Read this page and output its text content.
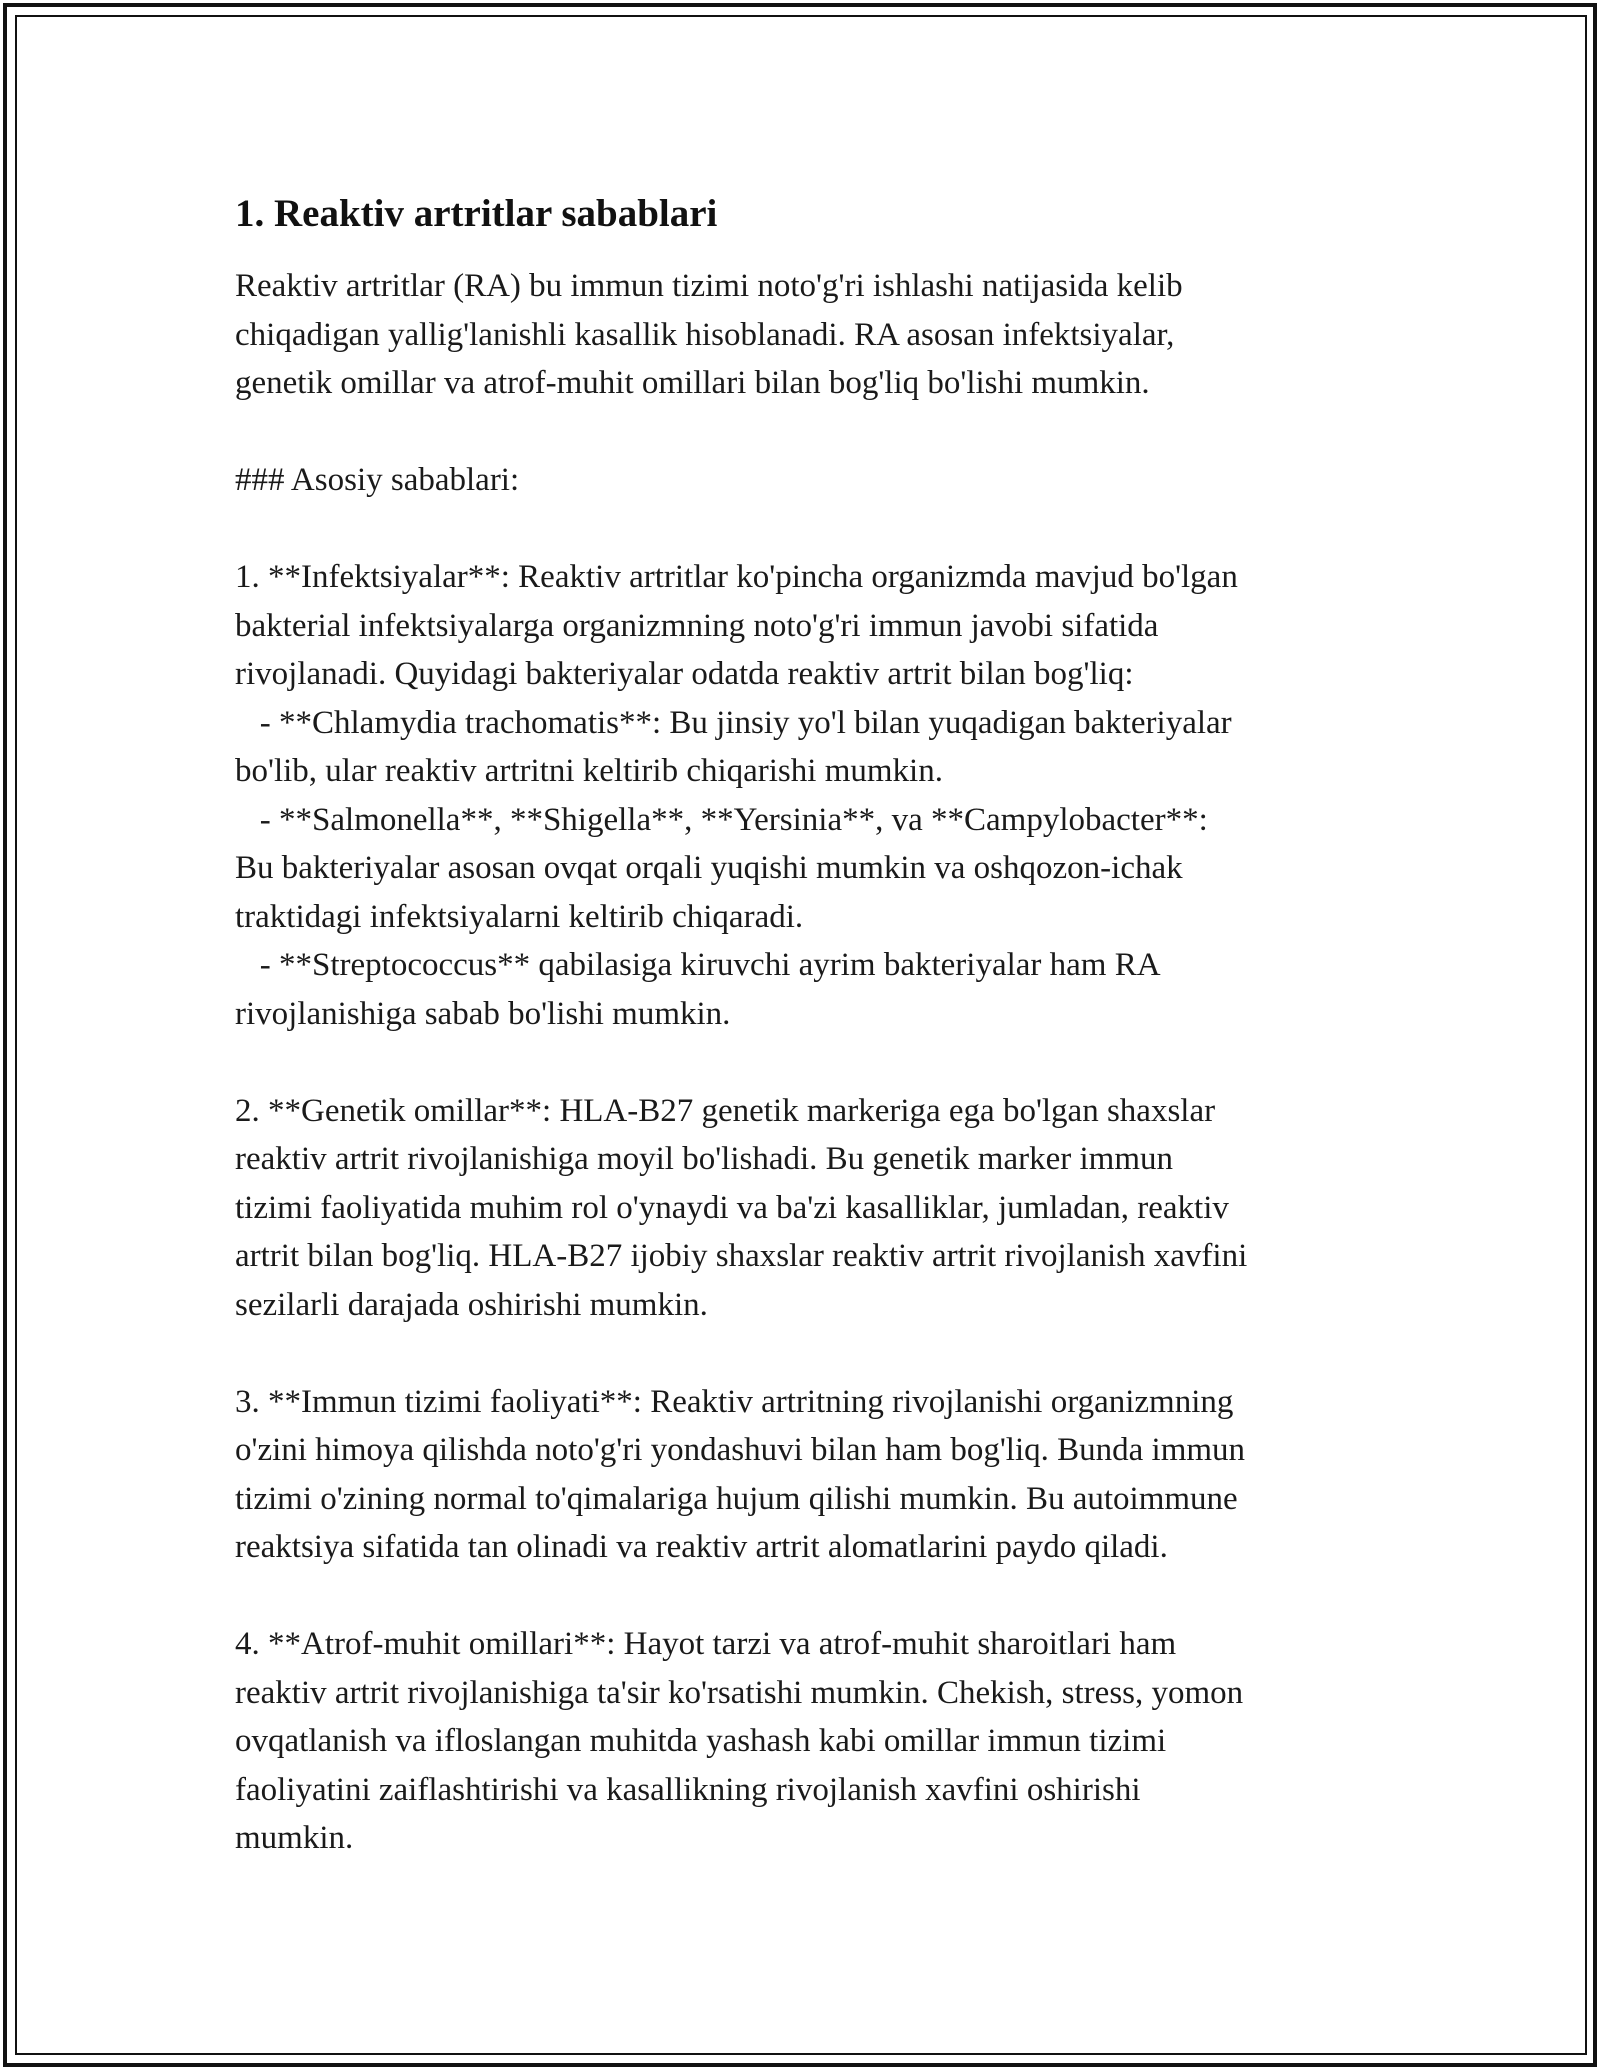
1. Reaktiv artritlar sabablari

Reaktiv artritlar (RA) bu immun tizimi noto'g'ri ishlashi natijasida kelib
chiqadigan yallig'lanishli kasallik hisoblanadi. RA asosan infektsiyalar,
genetik omillar va atrof-muhit omillari bilan bog'liq bo'lishi mumkin.

### Asosiy sabablari:

1. **Infektsiyalar**: Reaktiv artritlar ko'pincha organizmda mavjud bo'lgan
bakterial infektsiyalarga organizmning noto'g'ri immun javobi sifatida
rivojlanadi. Quyidagi bakteriyalar odatda reaktiv artrit bilan bog'liq:
- **Chlamydia trachomatis**: Bu jinsiy yo'l bilan yuqadigan bakteriyalar
bo'lib, ular reaktiv artritni keltirib chiqarishi mumkin.
- **Salmonella**, **Shigella**, **Yersinia**, va **Campylobacter**:
Bu bakteriyalar asosan ovqat orqali yuqishi mumkin va oshqozon-ichak
traktidagi infektsiyalarni keltirib chiqaradi.
- **Streptococcus** qabilasiga kiruvchi ayrim bakteriyalar ham RA
rivojlanishiga sabab bo'lishi mumkin.

2. **Genetik omillar**: HLA-B27 genetik markeriga ega bo'lgan shaxslar
reaktiv artrit rivojlanishiga moyil bo'lishadi. Bu genetik marker immun
tizimi faoliyatida muhim rol o'ynaydi va ba'zi kasalliklar, jumladan, reaktiv
artrit bilan bog'liq. HLA-B27 ijobiy shaxslar reaktiv artrit rivojlanish xavfini
sezilarli darajada oshirishi mumkin.

3. **Immun tizimi faoliyati**: Reaktiv artritning rivojlanishi organizmning
o'zini himoya qilishda noto'g'ri yondashuvi bilan ham bog'liq. Bunda immun
tizimi o'zining normal to'qimalariga hujum qilishi mumkin. Bu autoimmune
reaktsiya sifatida tan olinadi va reaktiv artrit alomatlarini paydo qiladi.

4. **Atrof-muhit omillari**: Hayot tarzi va atrof-muhit sharoitlari ham
reaktiv artrit rivojlanishiga ta'sir ko'rsatishi mumkin. Chekish, stress, yomon
ovqatlanish va ifloslangan muhitda yashash kabi omillar immun tizimi
faoliyatini zaiflashtirishi va kasallikning rivojlanish xavfini oshirishi
mumkin.
